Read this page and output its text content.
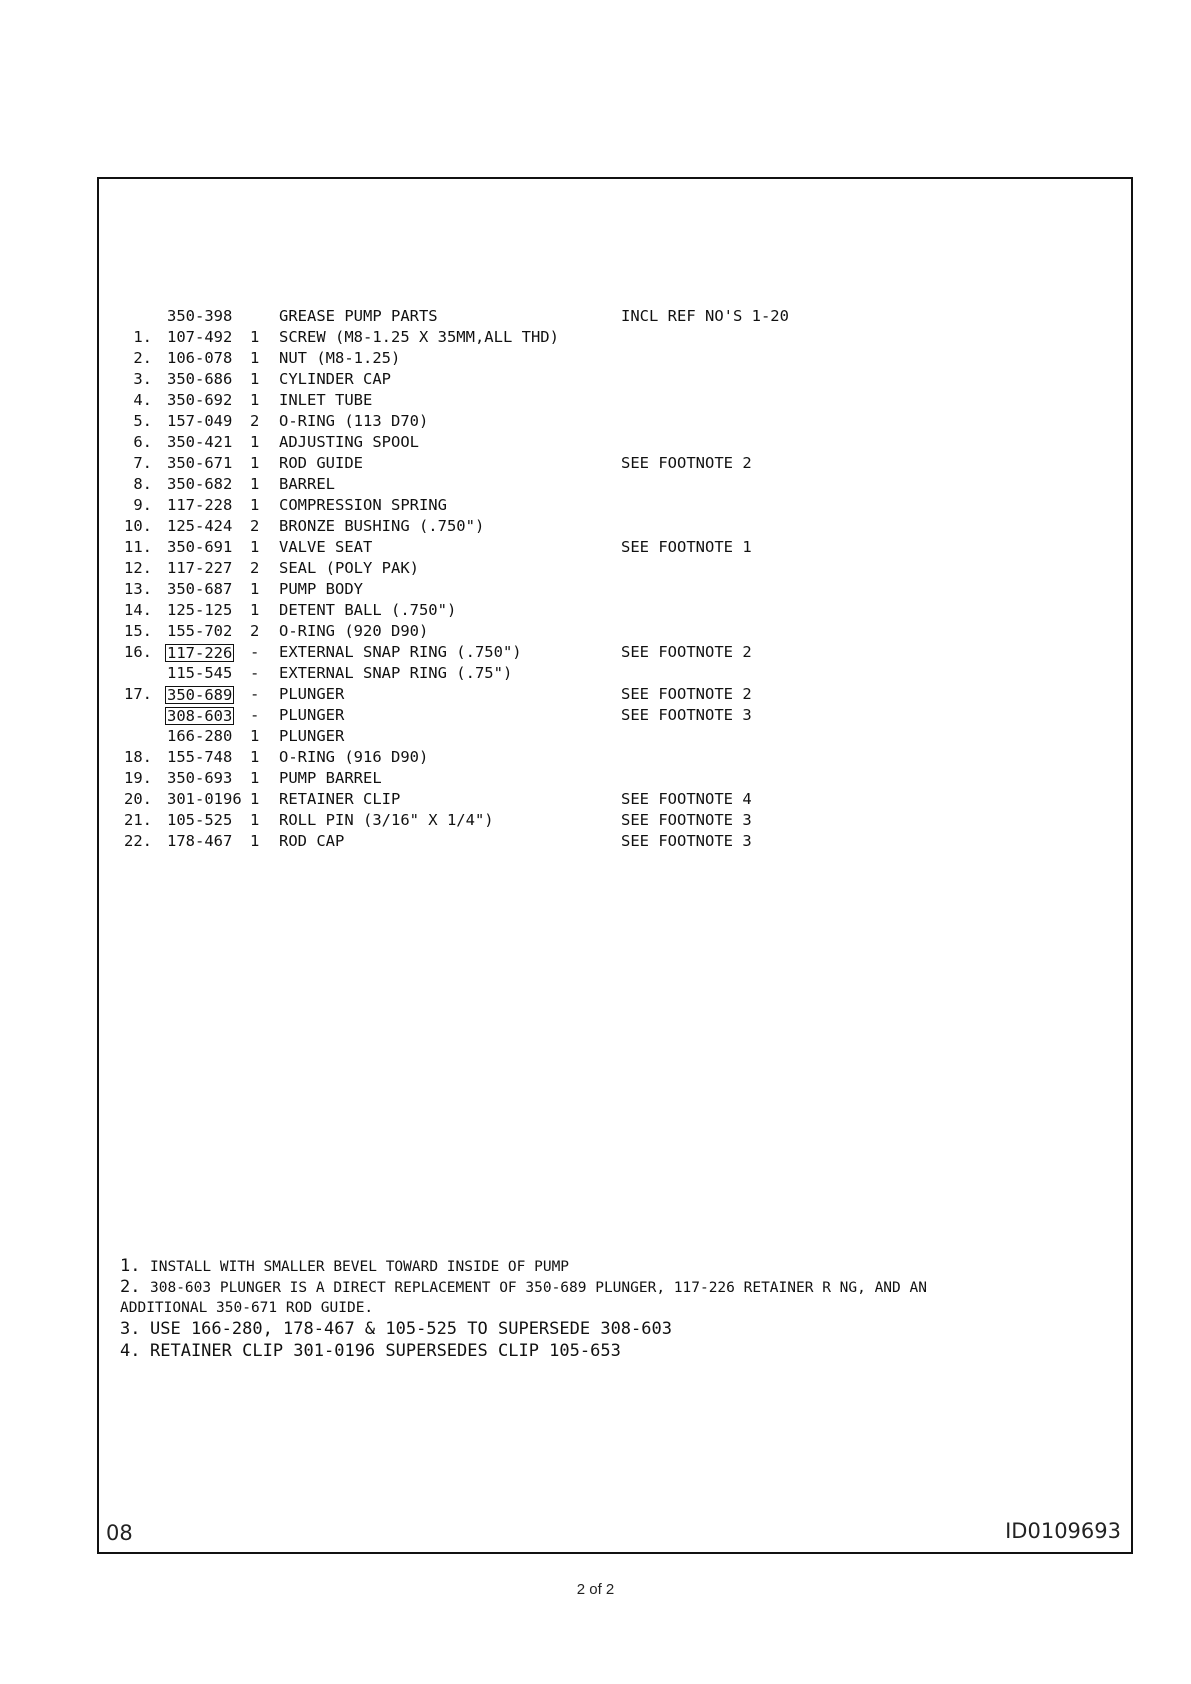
350-398	GREASE PUMP PARTS	INCL REF NO'S 1-20
1. 107-492 1 SCREW (M8-1.25 X 35MM,ALL THD)
2. 106-078 1 NUT (M8-1.25)
3. 350-686 1 CYLINDER CAP
4. 350-692 1 INLET TUBE
5. 157-049 2 O-RING (113 D70)
6. 350-421 1 ADJUSTING SPOOL
7. 350-671 1 ROD GUIDE	SEE FOOTNOTE 2
8. 350-682 1 BARREL
9. 117-228 1 COMPRESSION SPRING
10. 125-424 2 BRONZE BUSHING (.750")
11. 350-691 1 VALVE SEAT	SEE FOOTNOTE 1
12. 117-227 2 SEAL (POLY PAK)
13. 350-687 1 PUMP BODY
14. 125-125 1 DETENT BALL (.750")
15. 155-702 2 O-RING (920 D90)
16. 117-226 - EXTERNAL SNAP RING (.750")	SEE FOOTNOTE 2
115-545 - EXTERNAL SNAP RING (.75")
17. 350-689 - PLUNGER	SEE FOOTNOTE 2
308-603 - PLUNGER	SEE FOOTNOTE 3
166-280 1 PLUNGER
18. 155-748 1 O-RING (916 D90)
19. 350-693 1 PUMP BARREL
20. 301-0196 1 RETAINER CLIP	SEE FOOTNOTE 4
21. 105-525 1 ROLL PIN (3/16" X 1/4")	SEE FOOTNOTE 3
22. 178-467 1 ROD CAP	SEE FOOTNOTE 3
1. INSTALL WITH SMALLER BEVEL TOWARD INSIDE OF PUMP
2. 308-603 PLUNGER IS A DIRECT REPLACEMENT OF 350-689 PLUNGER, 117-226 RETAINER R NG, AND AN
ADDITIONAL 350-671 ROD GUIDE.
3. USE 166-280, 178-467 & 105-525 TO SUPERSEDE 308-603
4. RETAINER CLIP 301-0196 SUPERSEDES CLIP 105-653
08	ID0109693
2 of 2
